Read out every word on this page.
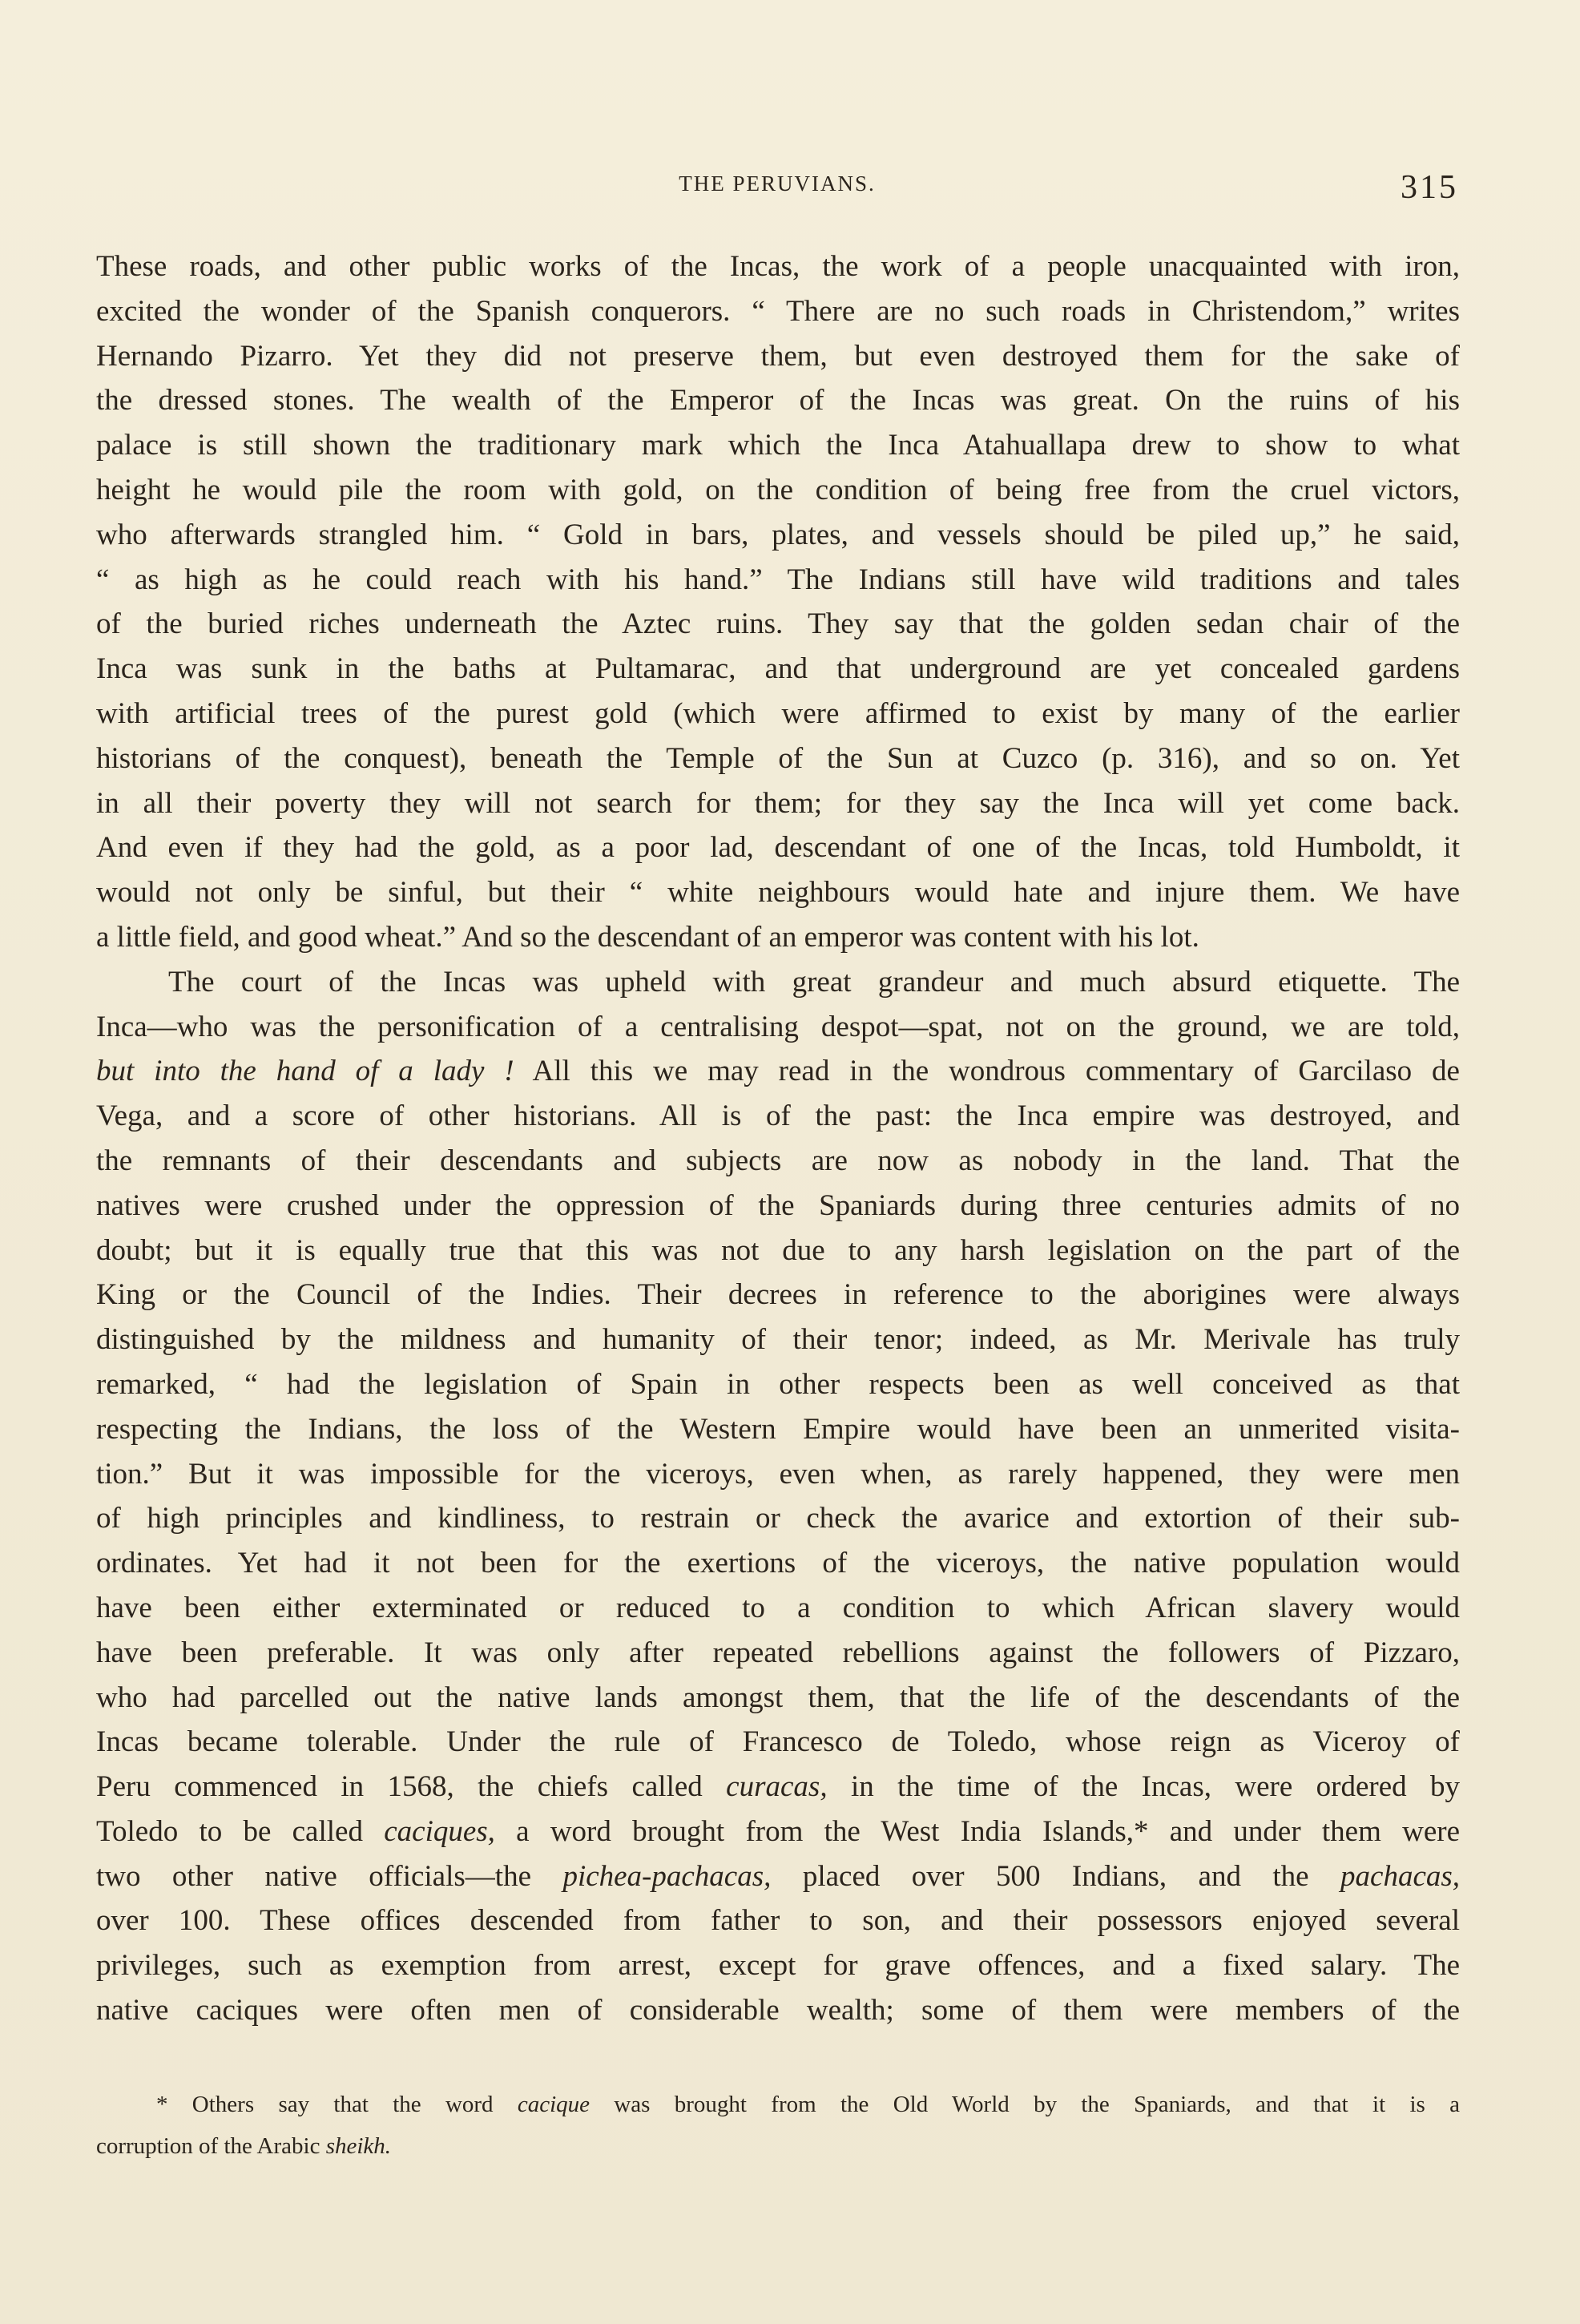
THE PERUVIANS.	315
These roads, and other public works of the Incas, the work of a people unacquainted with iron,
excited the wonder of the Spanish conquerors. “ There are no such roads in Christendom,” writes
Hernando Pizarro. Yet they did not preserve them, but even destroyed them for the sake of
the dressed stones. The wealth of the Emperor of the Incas was great. On the ruins of his
palace is still shown the traditionary mark which the Inca Atahuallapa drew to show to what
height he would pile the room with gold, on the condition of being free from the cruel victors,
who afterwards strangled him. “ Gold in bars, plates, and vessels should be piled up,” he said,
“ as high as he could reach with his hand.” The Indians still have wild traditions and tales
of the buried riches underneath the Aztec ruins. They say that the golden sedan chair of the
Inca was sunk in the baths at Pultamarac, and that underground are yet concealed gardens
with artificial trees of the purest gold (which were affirmed to exist by many of the earlier
historians of the conquest), beneath the Temple of the Sun at Cuzco (p. 316), and so on. Yet
in all their poverty they will not search for them; for they say the Inca will yet come back.
And even if they had the gold, as a poor lad, descendant of one of the Incas, told Humboldt, it
would not only be sinful, but their “ white neighbours would hate and injure them. We have
a little field, and good wheat.” And so the descendant of an emperor was content with his lot.
The court of the Incas was upheld with great grandeur and much absurd etiquette. The
Inca—who was the personification of a centralising despot—spat, not on the ground, we are told,
but into the hand of a lady ! All this we may read in the wondrous commentary of Garcilaso de
Vega, and a score of other historians. All is of the past: the Inca empire was destroyed, and
the remnants of their descendants and subjects are now as nobody in the land. That the
natives were crushed under the oppression of the Spaniards during three centuries admits of no
doubt; but it is equally true that this was not due to any harsh legislation on the part of the
King or the Council of the Indies. Their decrees in reference to the aborigines were always
distinguished by the mildness and humanity of their tenor; indeed, as Mr. Merivale has truly
remarked, “ had the legislation of Spain in other respects been as well conceived as that
respecting the Indians, the loss of the Western Empire would have been an unmerited visita-
tion.” But it was impossible for the viceroys, even when, as rarely happened, they were men
of high principles and kindliness, to restrain or check the avarice and extortion of their sub-
ordinates. Yet had it not been for the exertions of the viceroys, the native population would
have been either exterminated or reduced to a condition to which African slavery would
have been preferable. It was only after repeated rebellions against the followers of Pizzaro,
who had parcelled out the native lands amongst them, that the life of the descendants of the
Incas became tolerable. Under the rule of Francesco de Toledo, whose reign as Viceroy of
Peru commenced in 1568, the chiefs called curacas, in the time of the Incas, were ordered by
Toledo to be called caciques, a word brought from the West India Islands,* and under them were
two other native officials—the pichea-pachacas, placed over 500 Indians, and the pachacas,
over 100. These offices descended from father to son, and their possessors enjoyed several
privileges, such as exemption from arrest, except for grave offences, and a fixed salary. The
native caciques were often men of considerable wealth; some of them were members of the
* Others say that the word cacique was brought from the Old World by the Spaniards, and that it is a
corruption of the Arabic sheikh.
